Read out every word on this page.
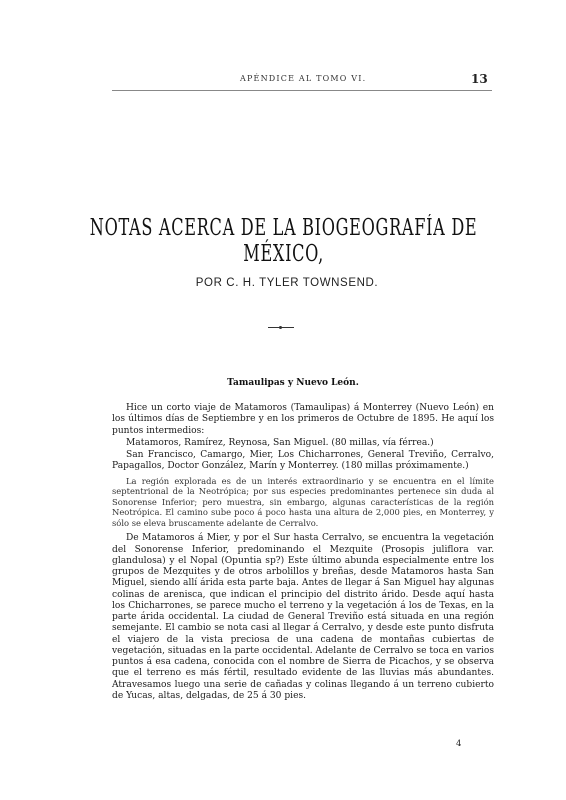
APÉNDICE AL TOMO VI.	13
NOTAS ACERCA DE LA BIOGEOGRAFÍA DE MÉXICO,
POR C. H. TYLER TOWNSEND.
Tamaulipas y Nuevo León.

Hice un corto viaje de Matamoros (Tamaulipas) á Monterrey (Nuevo León) en los últimos días de Septiembre y en los primeros de Octubre de 1895. He aquí los puntos intermedios:

Matamoros, Ramírez, Reynosa, San Miguel. (80 millas, vía férrea.)

San Francisco, Camargo, Mier, Los Chicharrones, General Treviño, Cerralvo, Papagallos, Doctor González, Marín y Monterrey. (180 millas próximamente.)

La región explorada es de un interés extraordinario y se encuentra en el límite septentrional de la Neotrópica; por sus especies predominantes pertenece sin duda al Sonorense Inferior; pero muestra, sin embargo, algunas características de la región Neotrópica. El camino sube poco á poco hasta una altura de 2,000 pies, en Monterrey, y sólo se eleva bruscamente adelante de Cerralvo.

De Matamoros á Mier, y por el Sur hasta Cerralvo, se encuentra la vegetación del Sonorense Inferior, predominando el Mezquite (Prosopis juliflora var. glandulosa) y el Nopal (Opuntia sp?) Este último abunda especialmente entre los grupos de Mezquites y de otros arbolillos y breñas, desde Matamoros hasta San Miguel, siendo allí árida esta parte baja. Antes de llegar á San Miguel hay algunas colinas de arenisca, que indican el principio del distrito árido. Desde aquí hasta los Chicharrones, se parece mucho el terreno y la vegetación á los de Texas, en la parte árida occidental. La ciudad de General Treviño está situada en una región semejante. El cambio se nota casi al llegar á Cerralvo, y desde este punto disfruta el viajero de la vista preciosa de una cadena de montañas cubiertas de vegetación, situadas en la parte occidental. Adelante de Cerralvo se toca en varios puntos á esa cadena, conocida con el nombre de Sierra de Picachos, y se observa que el terreno es más fértil, resultado evidente de las lluvias más abundantes. Atravesamos luego una serie de cañadas y colinas llegando á un terreno cubierto de Yucas, altas, delgadas, de 25 á 30 pies.

4
